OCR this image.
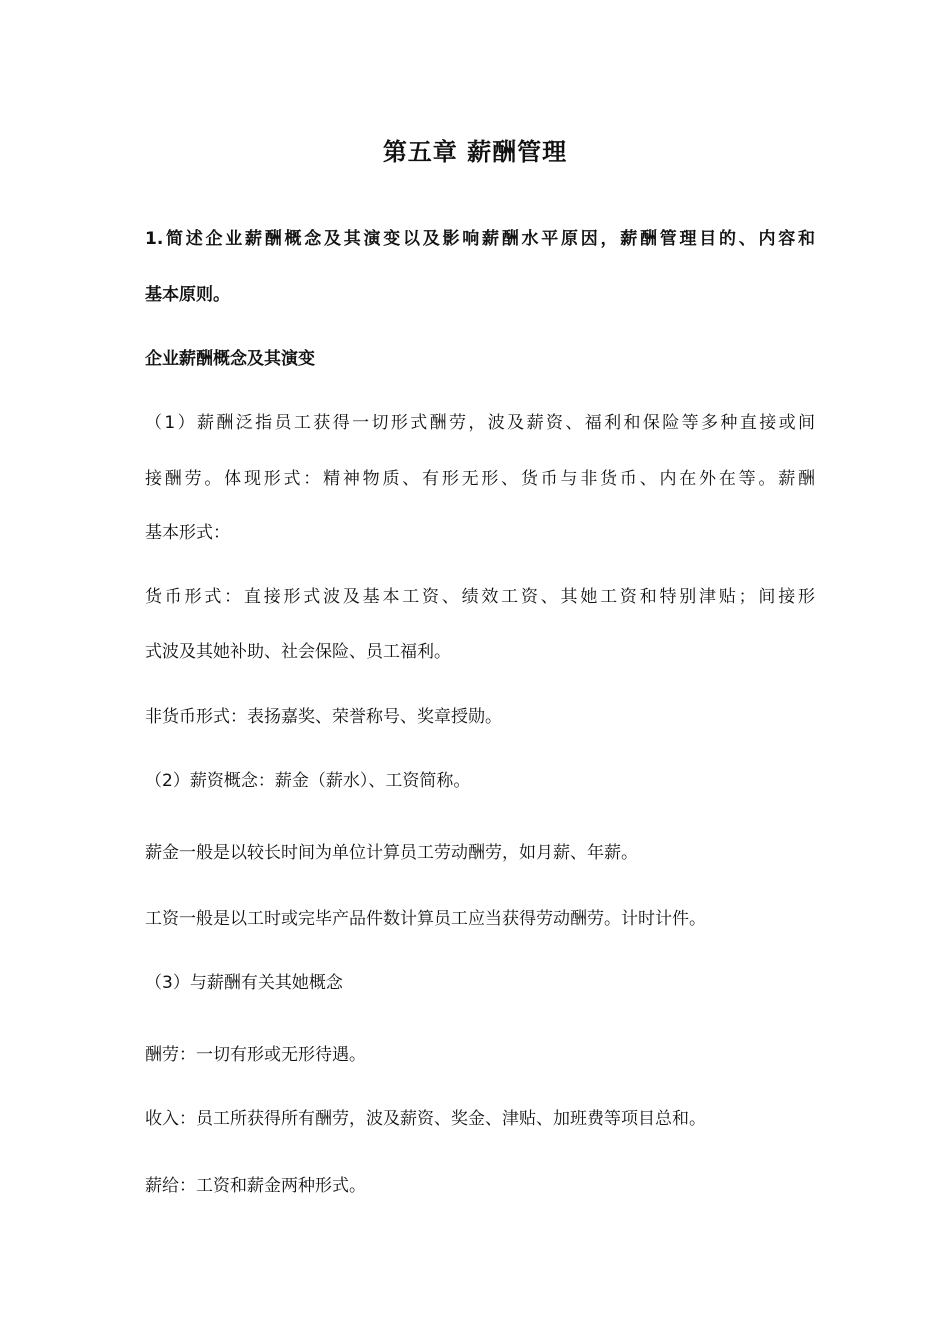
第五章 薪酬管理
1.简述企业薪酬概念及其演变以及影响薪酬水平原因，薪酬管理目的、内容和
基本原则。
企业薪酬概念及其演变
（1）薪酬泛指员工获得一切形式酬劳，波及薪资、福利和保险等多种直接或间
接酬劳。体现形式：精神物质、有形无形、货币与非货币、内在外在等。薪酬
基本形式：
货币形式：直接形式波及基本工资、绩效工资、其她工资和特别津贴；间接形
式波及其她补助、社会保险、员工福利。
非货币形式：表扬嘉奖、荣誉称号、奖章授勋。
（2）薪资概念：薪金（薪水）、工资简称。
薪金一般是以较长时间为单位计算员工劳动酬劳，如月薪、年薪。
工资一般是以工时或完毕产品件数计算员工应当获得劳动酬劳。计时计件。
（3）与薪酬有关其她概念
酬劳：一切有形或无形待遇。
收入：员工所获得所有酬劳，波及薪资、奖金、津贴、加班费等项目总和。
薪给：工资和薪金两种形式。
